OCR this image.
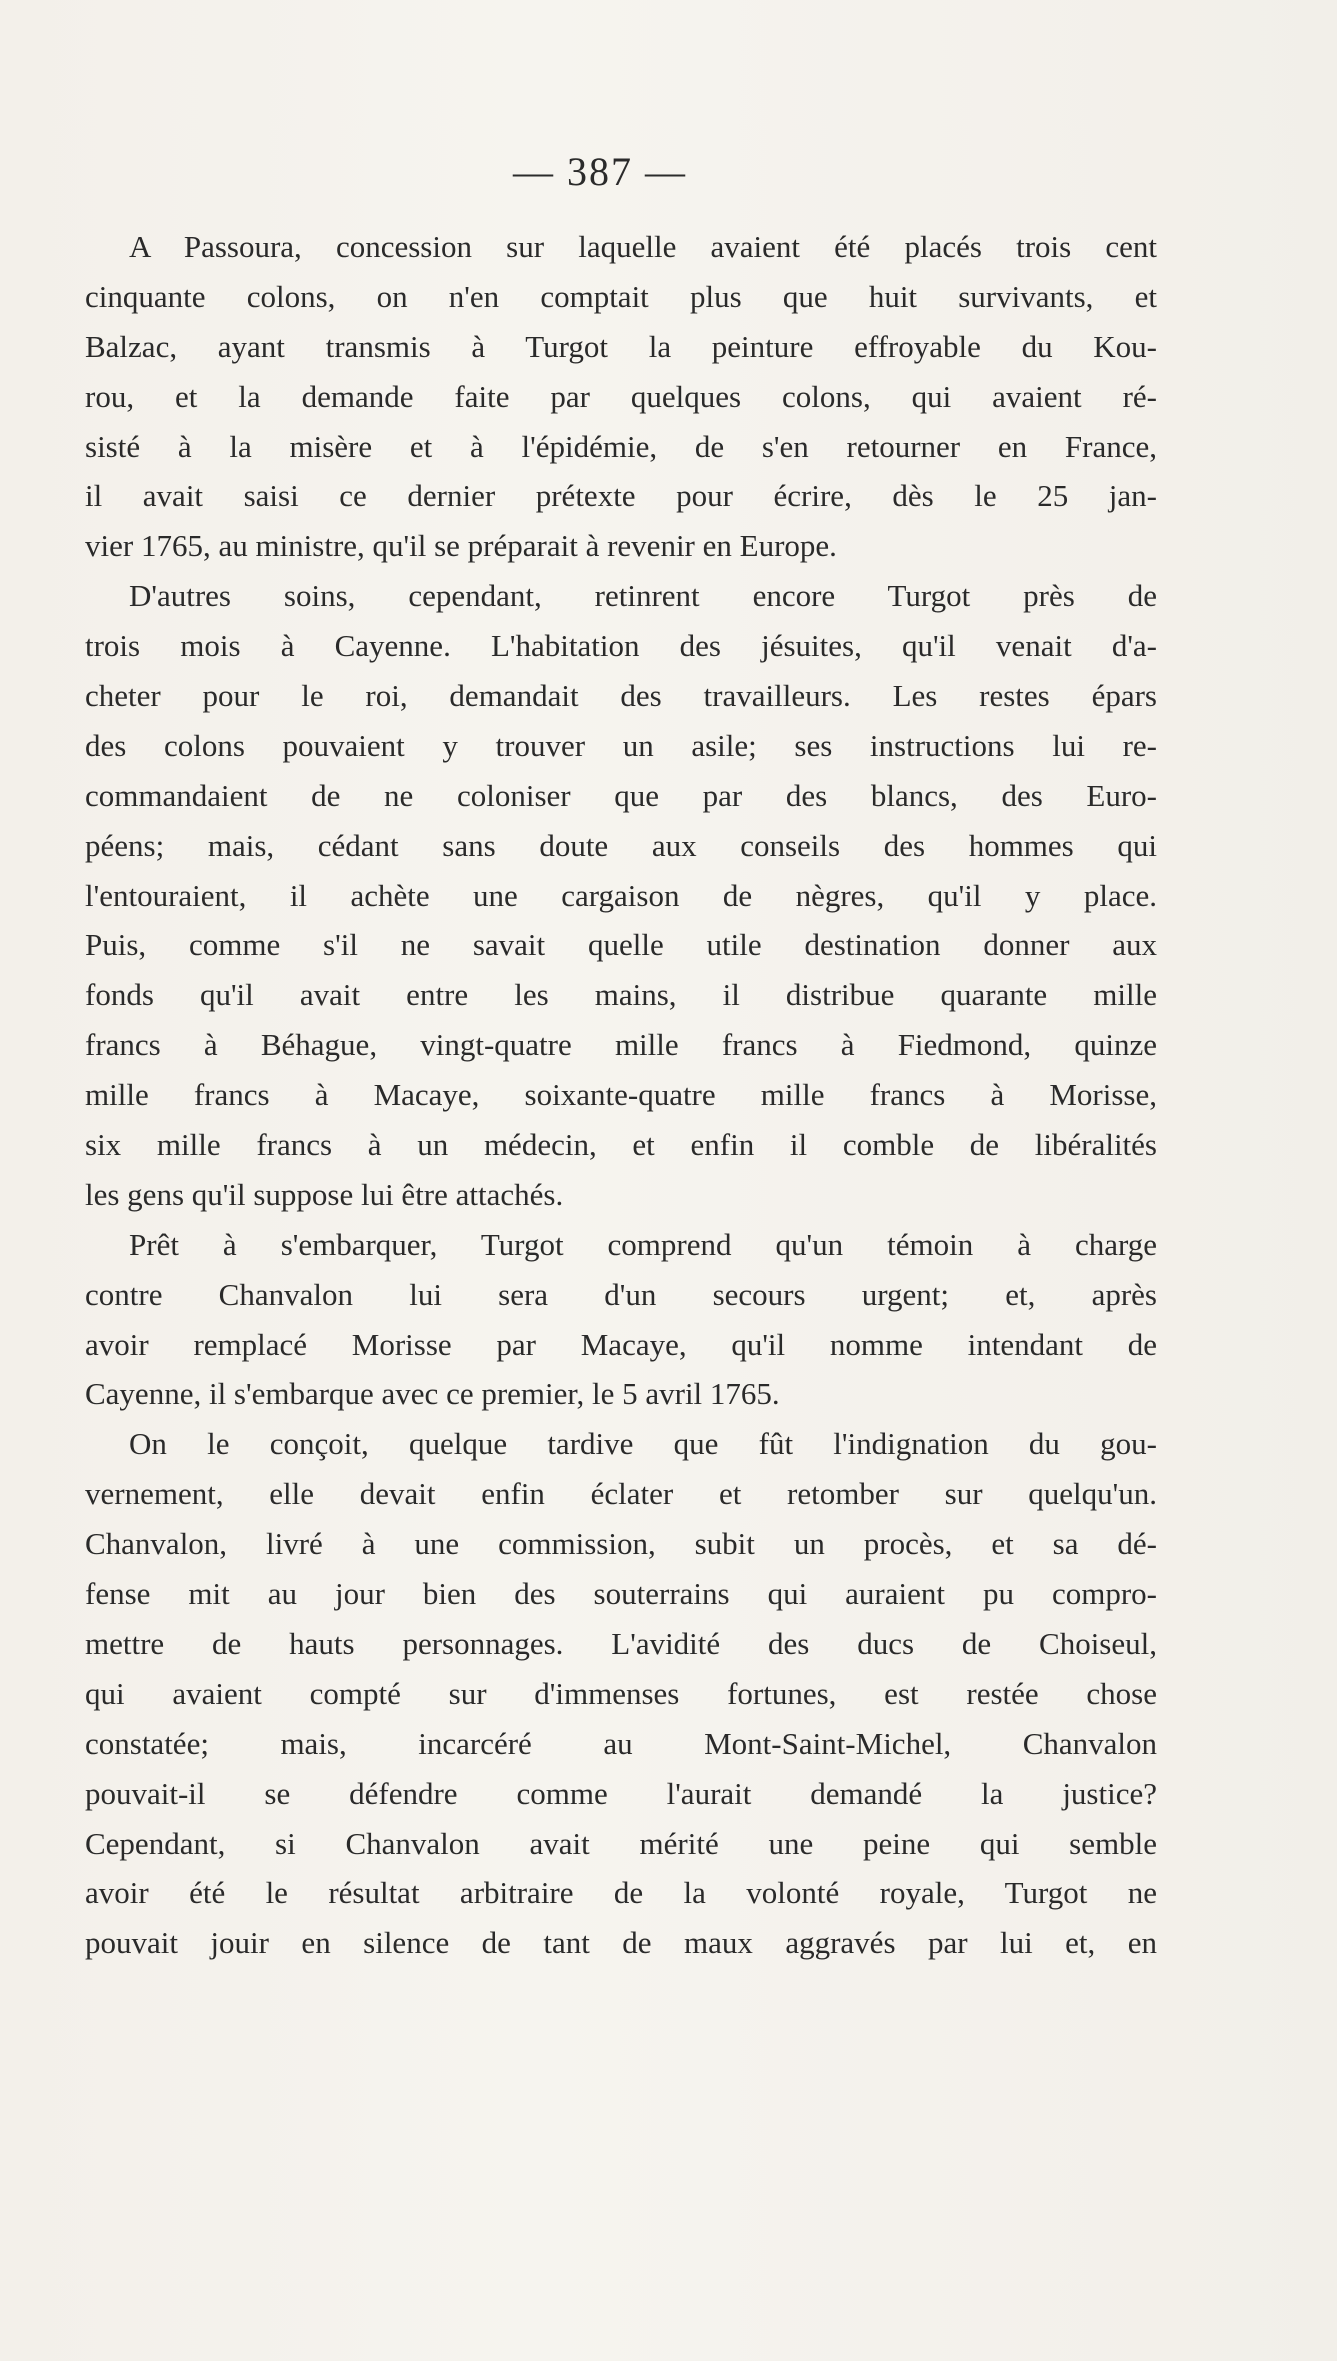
— 387 —
A Passoura, concession sur laquelle avaient été placés trois cent
cinquante colons, on n'en comptait plus que huit survivants, et
Balzac, ayant transmis à Turgot la peinture effroyable du Kou-
rou, et la demande faite par quelques colons, qui avaient ré-
sisté à la misère et à l'épidémie, de s'en retourner en France,
il avait saisi ce dernier prétexte pour écrire, dès le 25 jan-
vier 1765, au ministre, qu'il se préparait à revenir en Europe.
D'autres soins, cependant, retinrent encore Turgot près de
trois mois à Cayenne. L'habitation des jésuites, qu'il venait d'a-
cheter pour le roi, demandait des travailleurs. Les restes épars
des colons pouvaient y trouver un asile; ses instructions lui re-
commandaient de ne coloniser que par des blancs, des Euro-
péens; mais, cédant sans doute aux conseils des hommes qui
l'entouraient, il achète une cargaison de nègres, qu'il y place.
Puis, comme s'il ne savait quelle utile destination donner aux
fonds qu'il avait entre les mains, il distribue quarante mille
francs à Béhague, vingt-quatre mille francs à Fiedmond, quinze
mille francs à Macaye, soixante-quatre mille francs à Morisse,
six mille francs à un médecin, et enfin il comble de libéralités
les gens qu'il suppose lui être attachés.
Prêt à s'embarquer, Turgot comprend qu'un témoin à charge
contre Chanvalon lui sera d'un secours urgent; et, après
avoir remplacé Morisse par Macaye, qu'il nomme intendant de
Cayenne, il s'embarque avec ce premier, le 5 avril 1765.
On le conçoit, quelque tardive que fût l'indignation du gou-
vernement, elle devait enfin éclater et retomber sur quelqu'un.
Chanvalon, livré à une commission, subit un procès, et sa dé-
fense mit au jour bien des souterrains qui auraient pu compro-
mettre de hauts personnages. L'avidité des ducs de Choiseul,
qui avaient compté sur d'immenses fortunes, est restée chose
constatée; mais, incarcéré au Mont-Saint-Michel, Chanvalon
pouvait-il se défendre comme l'aurait demandé la justice?
Cependant, si Chanvalon avait mérité une peine qui semble
avoir été le résultat arbitraire de la volonté royale, Turgot ne
pouvait jouir en silence de tant de maux aggravés par lui et, en
